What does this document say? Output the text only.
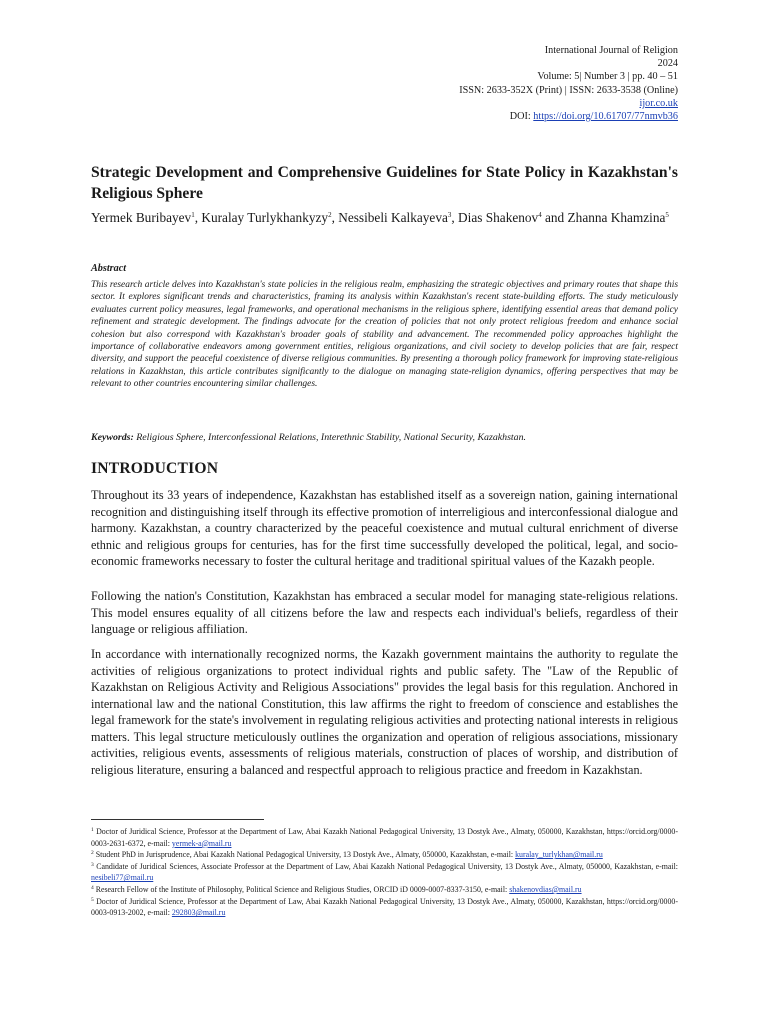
International Journal of Religion
2024
Volume: 5| Number 3 | pp. 40 – 51
ISSN: 2633-352X (Print) | ISSN: 2633-3538 (Online)
ijor.co.uk
DOI: https://doi.org/10.61707/77nmvb36
Strategic Development and Comprehensive Guidelines for State Policy in Kazakhstan's Religious Sphere

Yermek Buribayev$^1$, Kuralay Turlykhankyzy$^2$, Nessibeli Kalkayeva$^3$, Dias Shakenov$^4$ and Zhanna Khamzina$^5$

Abstract

This research article delves into Kazakhstan's state policies in the religious realm, emphasizing the strategic objectives and primary routes that shape this sector. It explores significant trends and characteristics, framing its analysis within Kazakhstan's recent state-building efforts. The study meticulously evaluates current policy measures, legal frameworks, and operational mechanisms in the religious sphere, identifying essential areas that demand policy refinement and strategic development. The findings advocate for the creation of policies that not only protect religious freedom and enhance social cohesion but also correspond with Kazakhstan's broader goals of stability and advancement. The recommended policy approaches highlight the importance of collaborative endeavors among government entities, religious organizations, and civil society to develop policies that are fair, respect diversity, and support the peaceful coexistence of diverse religious communities. By presenting a thorough policy framework for improving state-religious relations in Kazakhstan, this article contributes significantly to the dialogue on managing state-religion dynamics, offering perspectives that may be relevant to other countries encountering similar challenges.

Keywords: Religious Sphere, Interconfessional Relations, Interethnic Stability, National Security, Kazakhstan.

INTRODUCTION

Throughout its 33 years of independence, Kazakhstan has established itself as a sovereign nation, gaining international recognition and distinguishing itself through its effective promotion of interreligious and interconfessional dialogue and harmony. Kazakhstan, a country characterized by the peaceful coexistence and mutual cultural enrichment of diverse ethnic and religious groups for centuries, has for the first time successfully developed the political, legal, and socio-economic frameworks necessary to foster the cultural heritage and traditional spiritual values of the Kazakh people.

Following the nation's Constitution, Kazakhstan has embraced a secular model for managing state-religious relations. This model ensures equality of all citizens before the law and respects each individual's beliefs, regardless of their language or religious affiliation.

In accordance with internationally recognized norms, the Kazakh government maintains the authority to regulate the activities of religious organizations to protect individual rights and public safety. The "Law of the Republic of Kazakhstan on Religious Activity and Religious Associations" provides the legal basis for this regulation. Anchored in international law and the national Constitution, this law affirms the right to freedom of conscience and establishes the legal framework for the state's involvement in regulating religious activities and protecting national interests in religious matters. This legal structure meticulously outlines the organization and operation of religious associations, missionary activities, religious events, assessments of religious materials, construction of places of worship, and distribution of religious literature, ensuring a balanced and respectful approach to religious practice and freedom in Kazakhstan.

$^1$ Doctor of Juridical Science, Professor at the Department of Law, Abai Kazakh National Pedagogical University, 13 Dostyk Ave., Almaty, 050000, Kazakhstan, https://orcid.org/0000-0003-2631-6372, e-mail: yermek-a@mail.ru

$^2$ Student PhD in Jurisprudence, Abai Kazakh National Pedagogical University, 13 Dostyk Ave., Almaty, 050000, Kazakhstan, e-mail: kuralay_turlykhan@mail.ru

$^3$ Candidate of Juridical Sciences, Associate Professor at the Department of Law, Abai Kazakh National Pedagogical University, 13 Dostyk Ave., Almaty, 050000, Kazakhstan, e-mail: nesibeli77@mail.ru

$^4$ Research Fellow of the Institute of Philosophy, Political Science and Religious Studies, ORCID iD 0009-0007-8337-3150, e-mail: shakenovdias@mail.ru

$^5$ Doctor of Juridical Science, Professor at the Department of Law, Abai Kazakh National Pedagogical University, 13 Dostyk Ave., Almaty, 050000, Kazakhstan, https://orcid.org/0000-0003-0913-2002, e-mail: 292803@mail.ru
